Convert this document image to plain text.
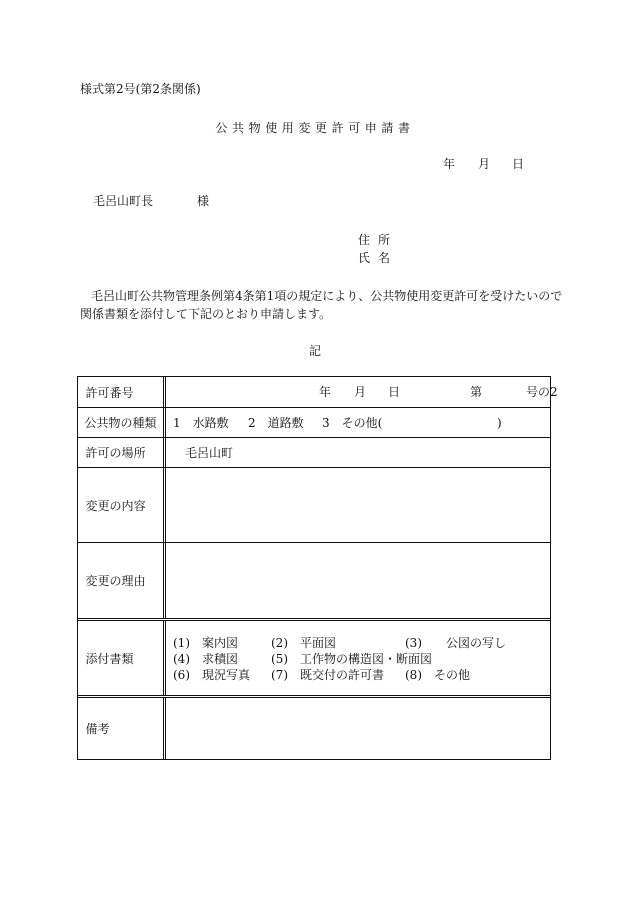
様式第2号(第2条関係)
公共物使用変更許可申請書
年 月 日
毛呂山町長	様
住所
氏名
毛呂山町公共物管理条例第4条第1項の規定により、公共物使用変更許可を受けたいので
関係書類を添付して下記のとおり申請します。
記
許可番号	年 月 日	第	号の2
公共物の種類 1　水路敷 2　道路敷 3　その他(	)
許可の場所	毛呂山町
変更の内容
変更の理由
添付書類
(1)　案内図	(2)　平面図	(3)　　公図の写し
(4)　求積図	(5)　工作物の構造図・断面図
(6)　現況写真 (7)　既交付の許可書 (8)　その他
備考
